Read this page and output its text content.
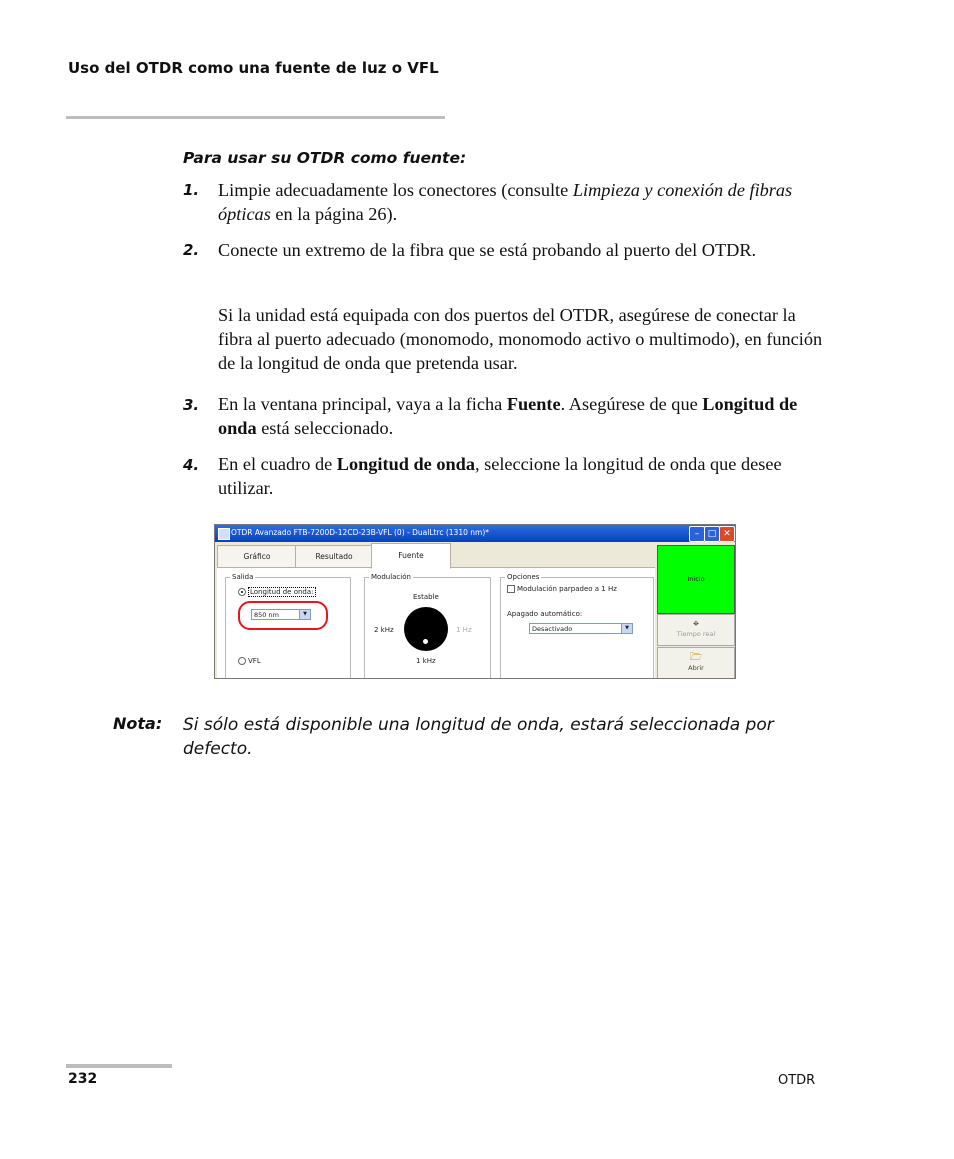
Uso del OTDR como una fuente de luz o VFL
Para usar su OTDR como fuente:
1. Limpie adecuadamente los conectores (consulte Limpieza y conexión de fibras ópticas en la página 26).

2. Conecte un extremo de la fibra que se está probando al puerto del OTDR.

Si la unidad está equipada con dos puertos del OTDR, asegúrese de conectar la fibra al puerto adecuado (monomodo, monomodo activo o multimodo), en función de la longitud de onda que pretenda usar.

3. En la ventana principal, vaya a la ficha Fuente. Asegúrese de que Longitud de onda está seleccionado.

4. En el cuadro de Longitud de onda, seleccione la longitud de onda que desee utilizar.

OTDR Avanzado FTB-7200D-12CD-23B-VFL (0) - DualLtrc (1310 nm)*	– □ ✕
Gráfico	Resultado	Fuente
Salida
Longitud de onda:
850 nm	▼
VFL
Modulación
Estable
2 kHz	1 Hz
1 kHz
Opciones
Modulación parpadeo a 1 Hz
Apagado automático:
Desactivado	▼
Inicio
⌖
Tiempo real
🗁
Abrir
Nota: Si sólo está disponible una longitud de onda, estará seleccionada por defecto.
232	OTDR
